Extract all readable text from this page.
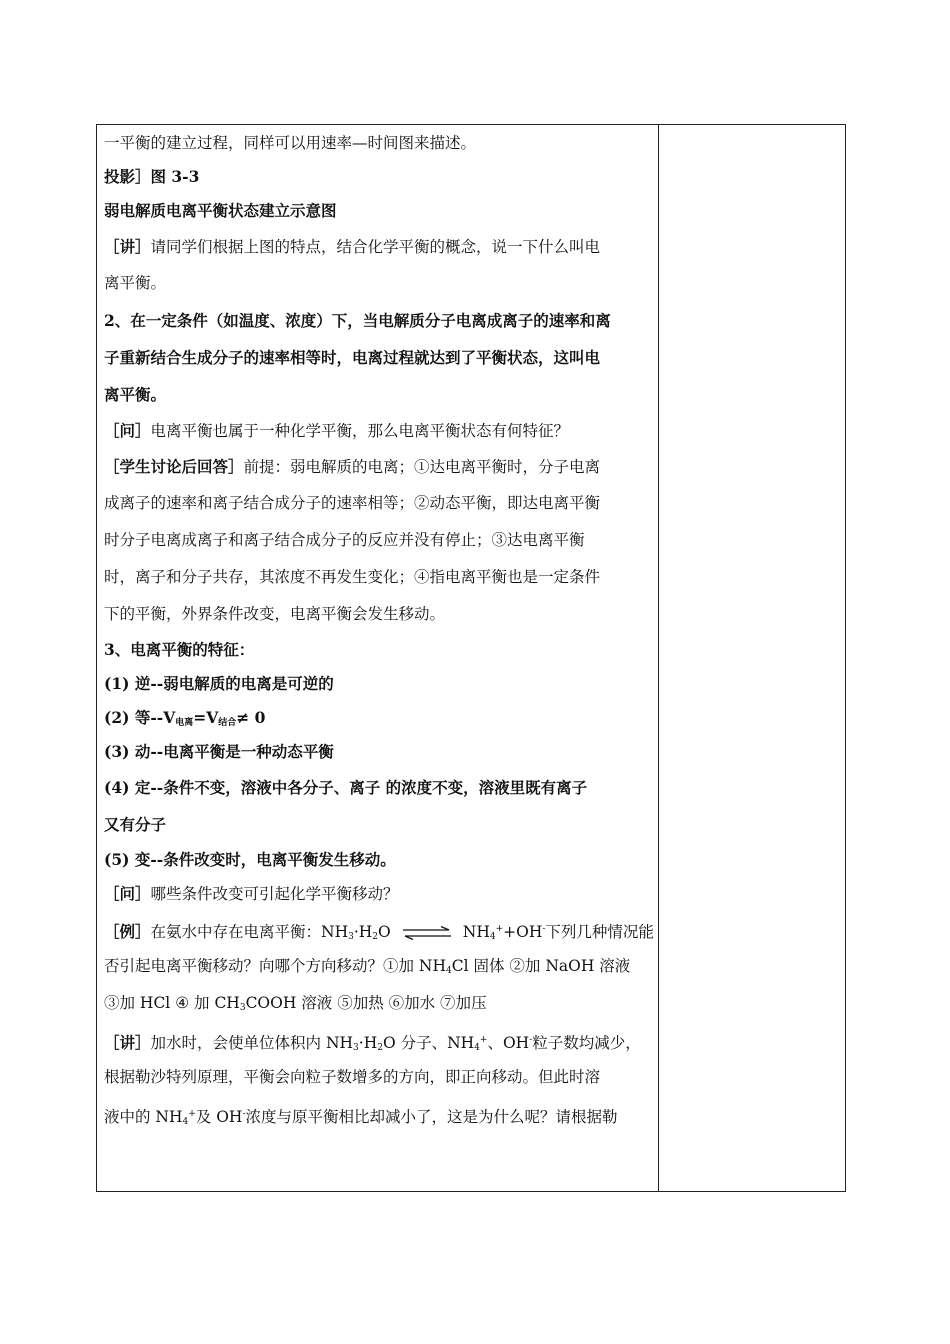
一平衡的建立过程，同样可以用速率—时间图来描述。

投影］图 3-3

弱电解质电离平衡状态建立示意图

［讲］请同学们根据上图的特点，结合化学平衡的概念，说一下什么叫电

离平衡。

2、在一定条件（如温度、浓度）下，当电解质分子电离成离子的速率和离

子重新结合生成分子的速率相等时，电离过程就达到了平衡状态，这叫电

离平衡。

［问］电离平衡也属于一种化学平衡，那么电离平衡状态有何特征？

［学生讨论后回答］前提：弱电解质的电离；①达电离平衡时，分子电离

成离子的速率和离子结合成分子的速率相等；②动态平衡，即达电离平衡

时分子电离成离子和离子结合成分子的反应并没有停止；③达电离平衡

时，离子和分子共存，其浓度不再发生变化；④指电离平衡也是一定条件

下的平衡，外界条件改变，电离平衡会发生移动。

3、电离平衡的特征：

(1) 逆--弱电解质的电离是可逆的

(2) 等$--V_{电离}=V_{结合}\ne 0$

(3) 动--电离平衡是一种动态平衡

(4) 定--条件不变，溶液中各分子、离子 的浓度不变，溶液里既有离子

又有分子

(5) 变--条件改变时，电离平衡发生移动。

［问］哪些条件改变可引起化学平衡移动？

［例］在氨水中存在电离平衡：$NH_3\cdot H_2O$ ⇌ $NH_4^++OH^-$下列几种情况能

否引起电离平衡移动？向哪个方向移动？①加 $NH_4Cl$ 固体 ②加 NaOH 溶液

③加 HCl ④ 加 $CH_3COOH$ 溶液 ⑤加热 ⑥加水 ⑦加压

［讲］加水时，会使单位体积内 $NH_3\cdot H_2O$ 分子、$NH_4^+$、OH-粒子数均减少，

根据勒沙特列原理，平衡会向粒子数增多的方向，即正向移动。但此时溶

液中的 $NH_4^+$及 OH-浓度与原平衡相比却减小了，这是为什么呢？请根据勒
